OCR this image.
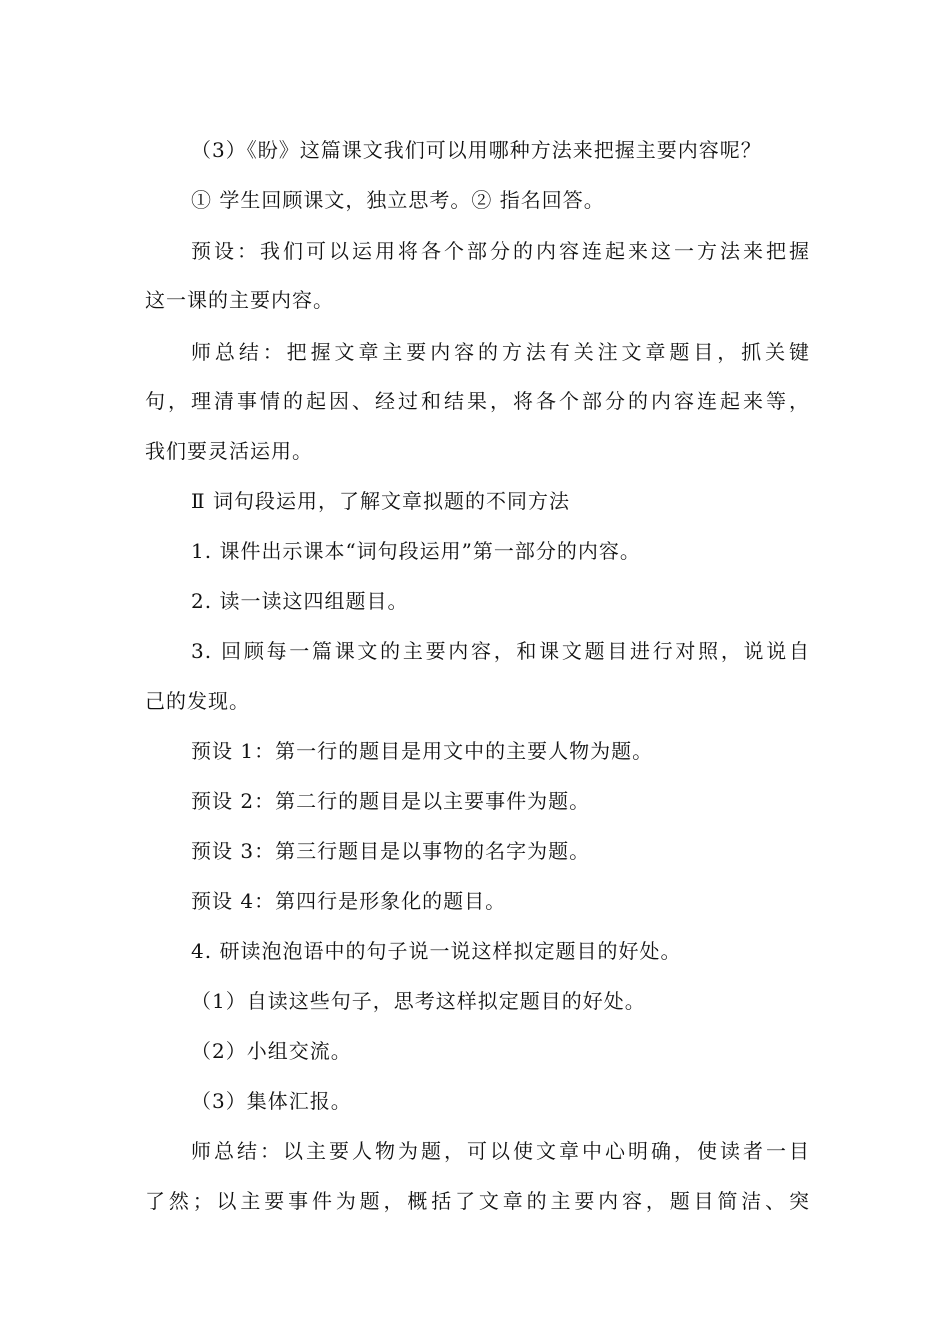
（3）《盼》这篇课文我们可以用哪种方法来把握主要内容呢？
① 学生回顾课文，独立思考。② 指名回答。
预设：我们可以运用将各个部分的内容连起来这一方法来把握
这一课的主要内容。
师总结：把握文章主要内容的方法有关注文章题目，抓关键
句，理清事情的起因、经过和结果，将各个部分的内容连起来等，
我们要灵活运用。
Ⅱ 词句段运用，了解文章拟题的不同方法
1. 课件出示课本“词句段运用”第一部分的内容。
2. 读一读这四组题目。
3. 回顾每一篇课文的主要内容，和课文题目进行对照，说说自
己的发现。
预设 1：第一行的题目是用文中的主要人物为题。
预设 2：第二行的题目是以主要事件为题。
预设 3：第三行题目是以事物的名字为题。
预设 4：第四行是形象化的题目。
4. 研读泡泡语中的句子说一说这样拟定题目的好处。
（1）自读这些句子，思考这样拟定题目的好处。
（2）小组交流。
（3）集体汇报。
师总结：以主要人物为题，可以使文章中心明确，使读者一目
了然；以主要事件为题，概括了文章的主要内容，题目简洁、突
